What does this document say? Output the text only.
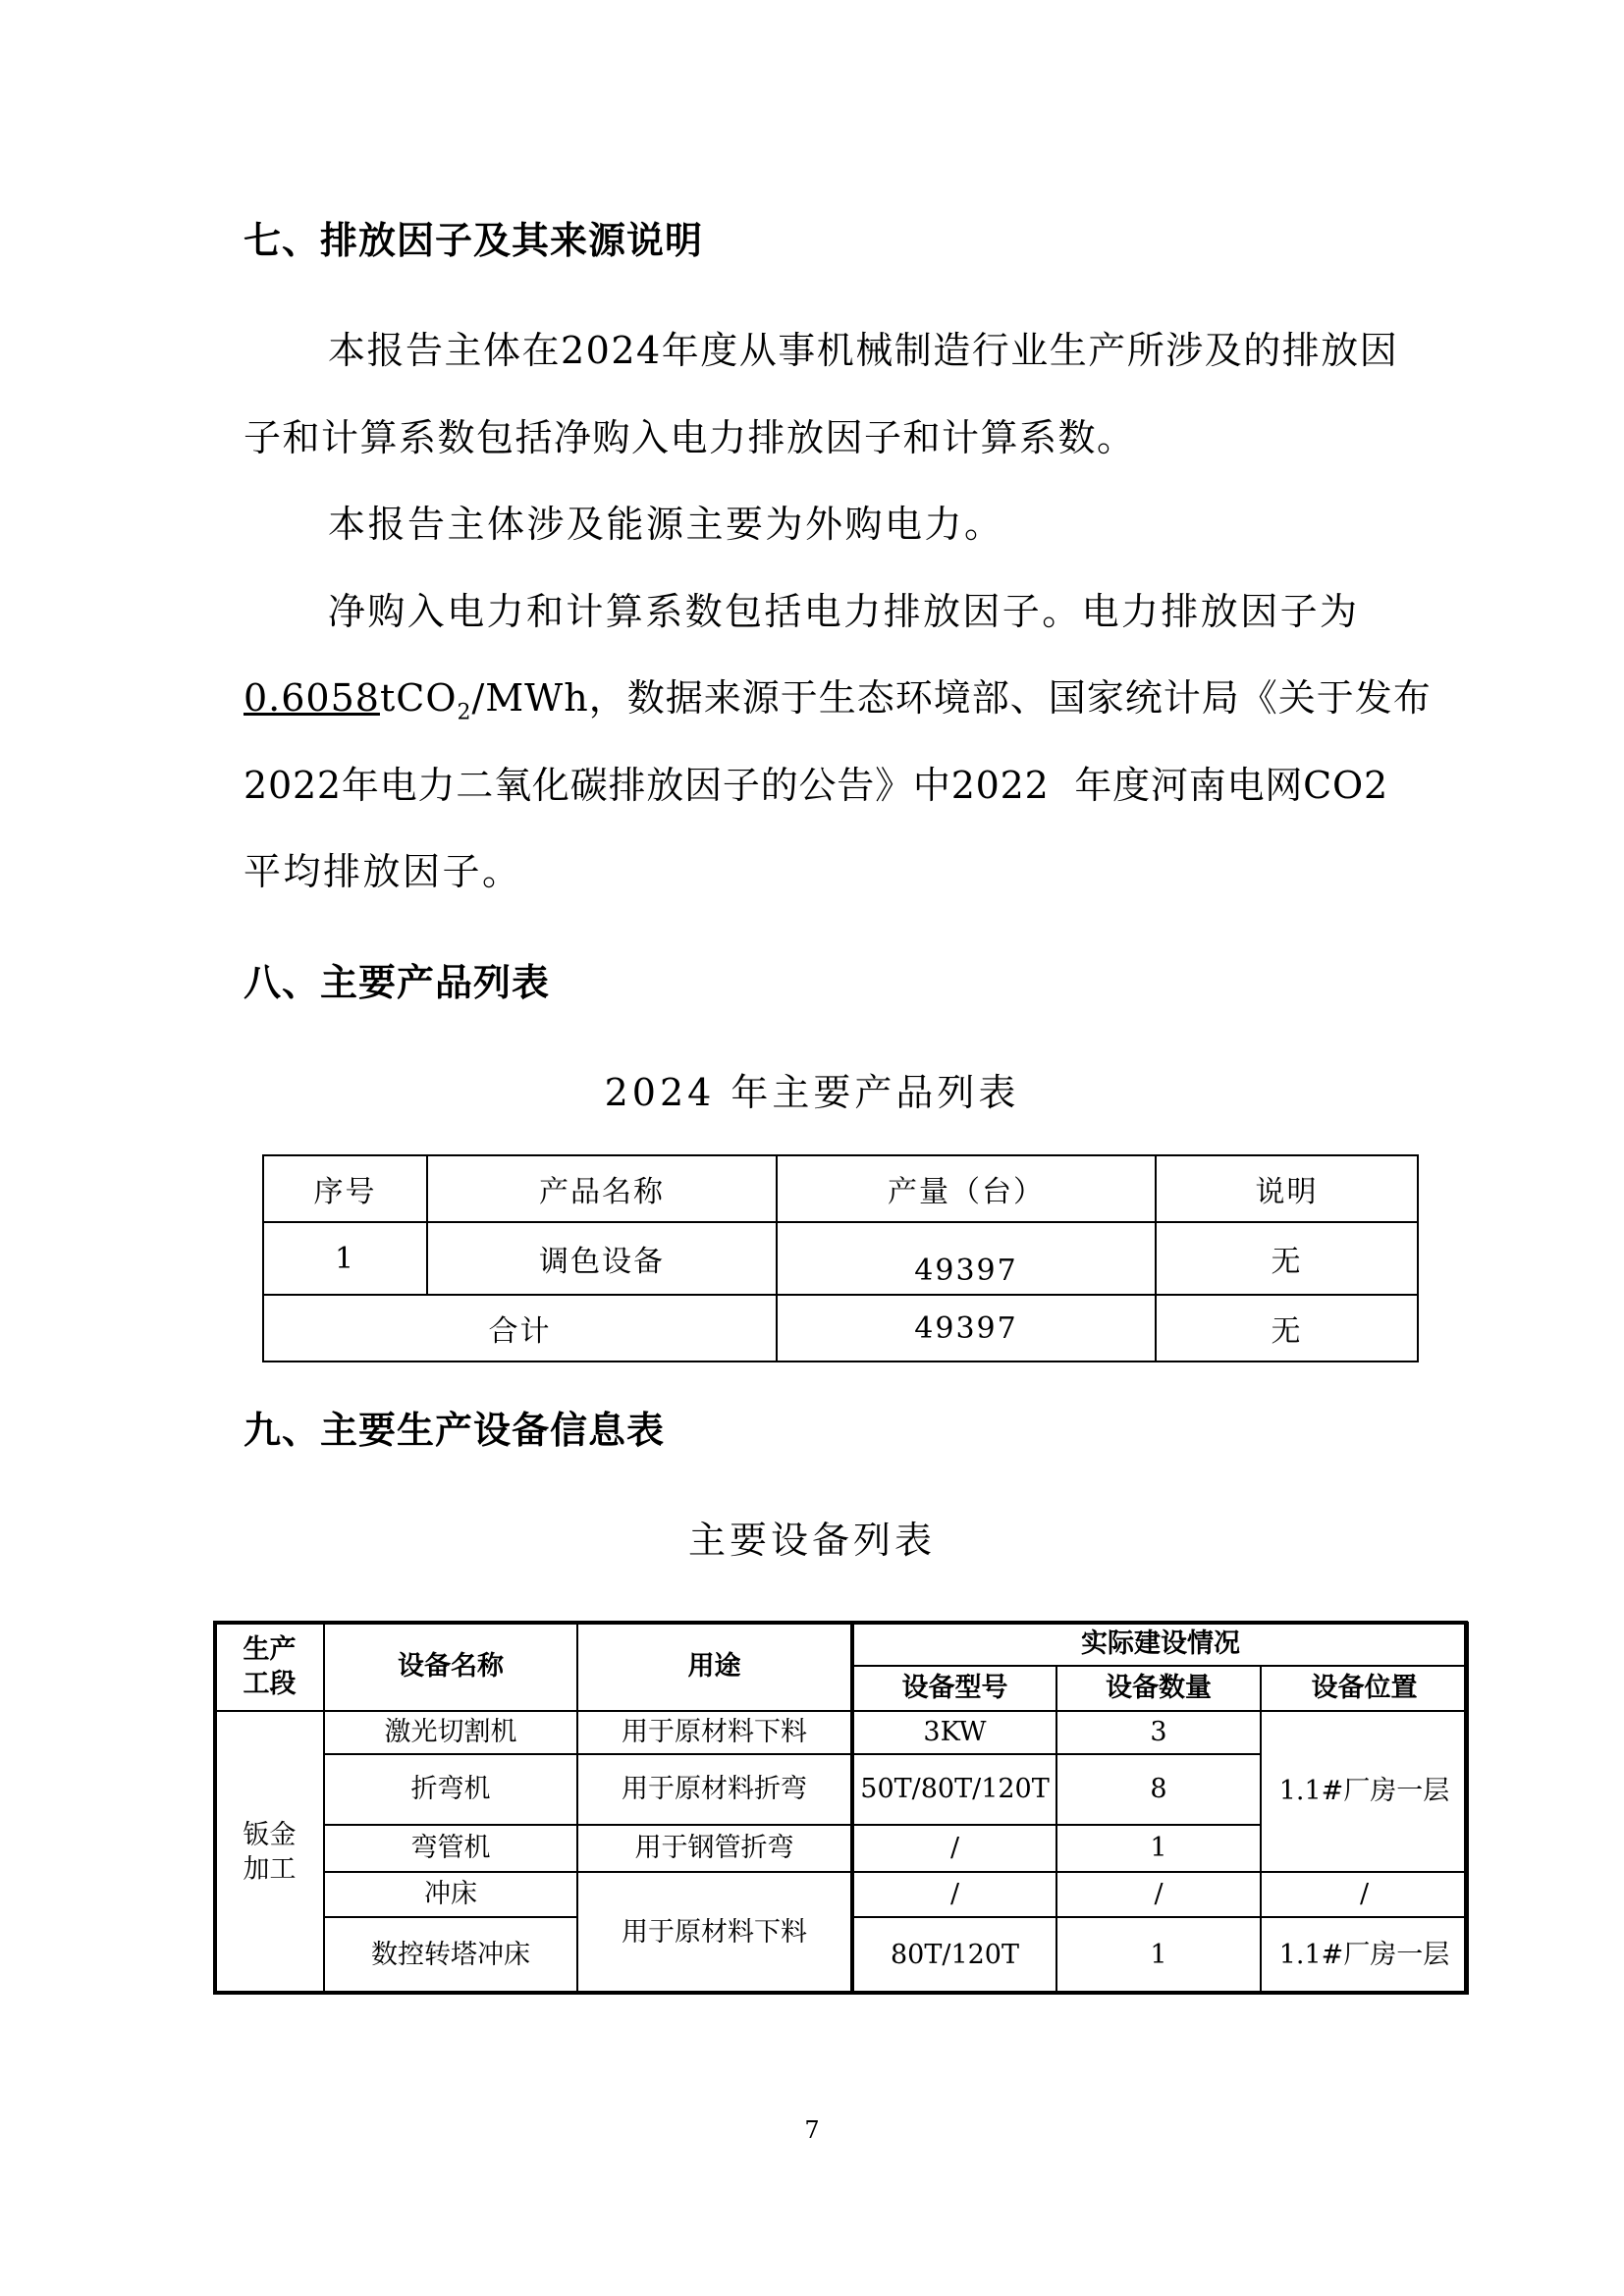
七、排放因子及其来源说明
本报告主体在2024年度从事机械制造行业生产所涉及的排放因
子和计算系数包括净购入电力排放因子和计算系数。
本报告主体涉及能源主要为外购电力。
净购入电力和计算系数包括电力排放因子。电力排放因子为
0.6058tCO$_2$/MWh，数据来源于生态环境部、国家统计局《关于发布
2022年电力二氧化碳排放因子的公告》中2022  年度河南电网CO2
平均排放因子。
八、主要产品列表
2024 年主要产品列表
序号	产品名称	产量（台）	说明
1	调色设备	49397	无
合计		49397	无
九、主要生产设备信息表
主要设备列表
生产工段	设备名称	用途	实际建设情况		
			设备型号	设备数量	设备位置
钣金加工	激光切割机	用于原材料下料	3KW	3	1.1#厂房一层
	折弯机	用于原材料折弯	50T/80T/120T	8	
	弯管机	用于钢管折弯	/	1	
	冲床	用于原材料下料	/	/	/
	数控转塔冲床		80T/120T	1	1.1#厂房一层
7
